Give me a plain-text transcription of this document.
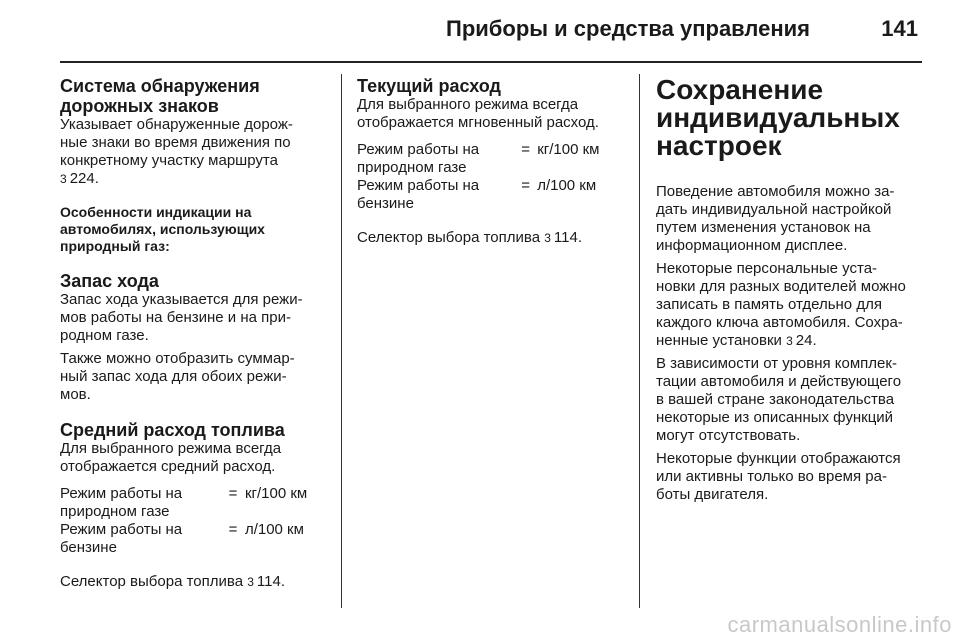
Приборы и средства управления	141
Система обнаружения
дорожных знаков

Указывает обнаруженные дорож-
ные знаки во время движения по
конкретному участку маршрута
3 224.

Особенности индикации на
автомобилях, использующих
природный газ:
Запас хода

Запас хода указывается для режи-
мов работы на бензине и на при-
родном газе.

Также можно отобразить суммар-
ный запас хода для обоих режи-
мов.

Средний расход топлива

Для выбранного режима всегда
отображается средний расход.

Режим работы на
природном газе	=	кг/100 км

Режим работы на
бензине	=	л/100 км

Селектор выбора топлива 3 114.

Текущий расход

Для выбранного режима всегда
отображается мгновенный расход.

Режим работы на
природном газе	=	кг/100 км

Режим работы на
бензине	=	л/100 км

Селектор выбора топлива 3 114.

Сохранение
индивидуальных
настроек

Поведение автомобиля можно за-
дать индивидуальной настройкой
путем изменения установок на
информационном дисплее.

Некоторые персональные уста-
новки для разных водителей можно
записать в память отдельно для
каждого ключа автомобиля. Сохра-
ненные установки 3 24.

В зависимости от уровня комплек-
тации автомобиля и действующего
в вашей стране законодательства
некоторые из описанных функций
могут отсутствовать.

Некоторые функции отображаются
или активны только во время ра-
боты двигателя.

carmanualsonline.info
